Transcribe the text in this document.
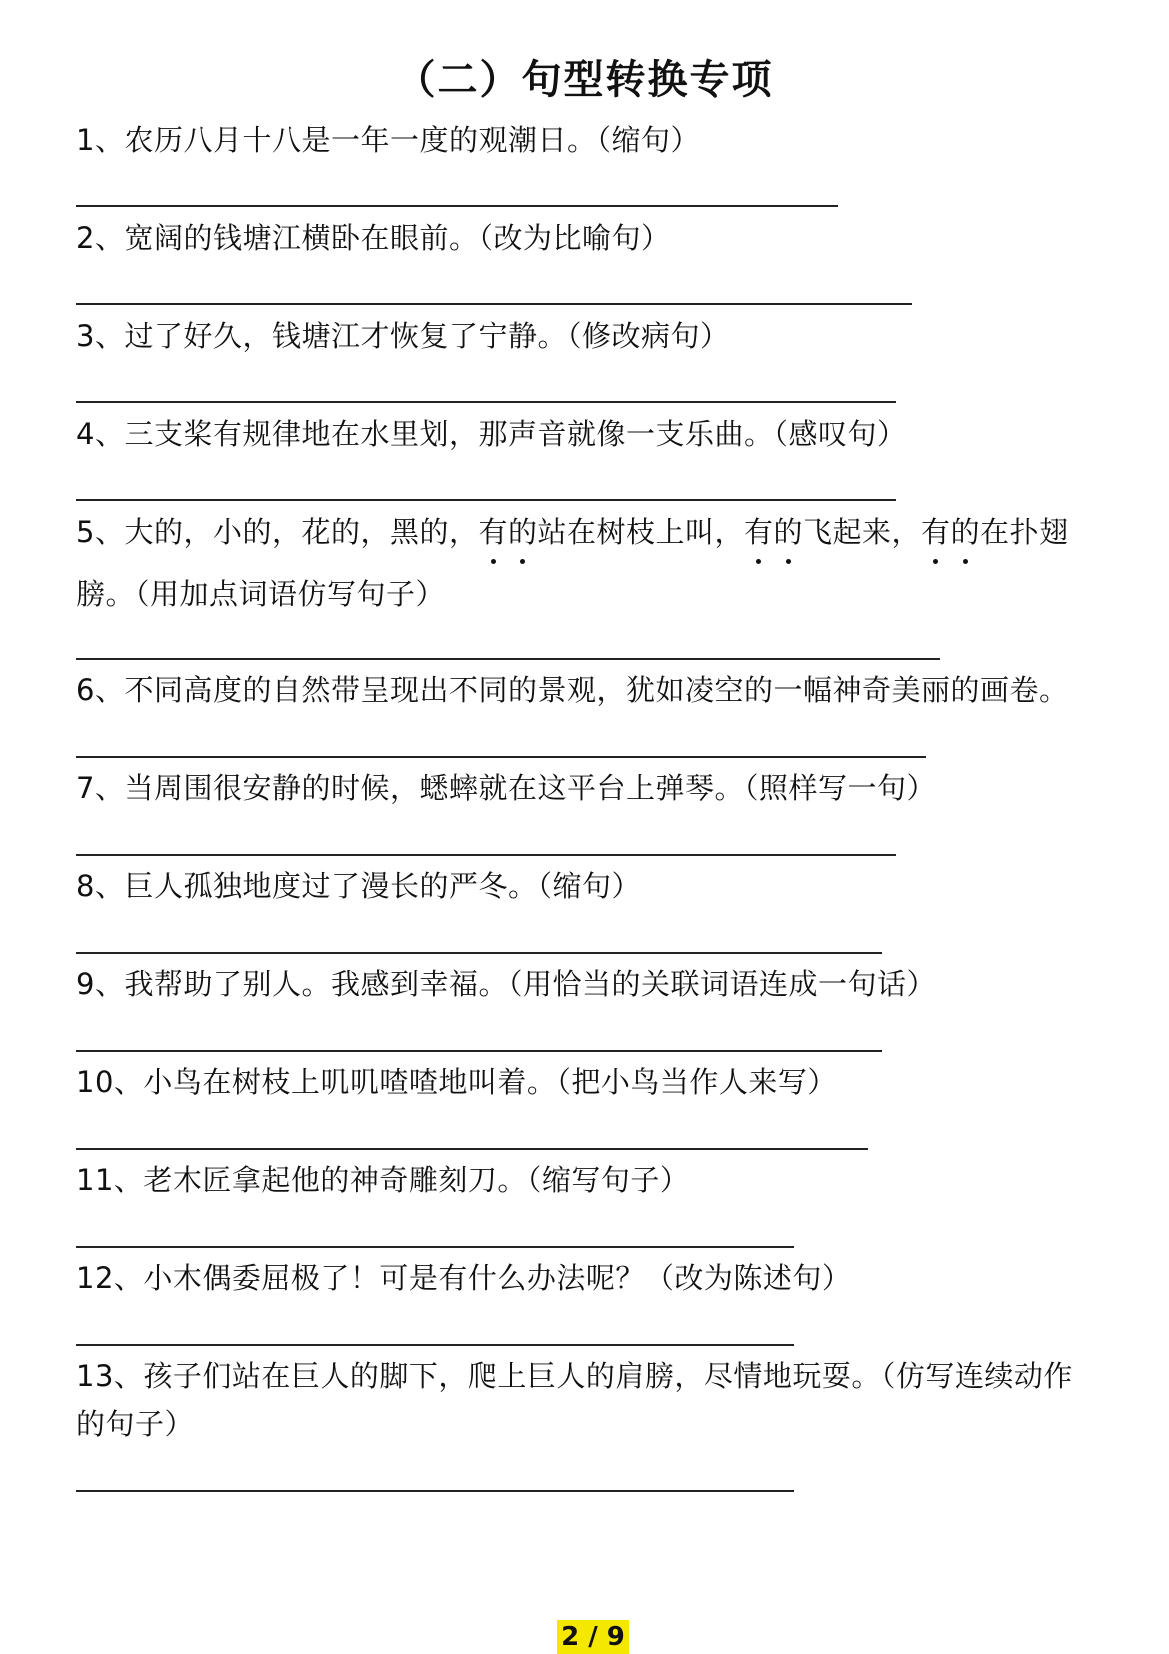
（二）句型转换专项
1、农历八月十八是一年一度的观潮日。（缩句）
2、宽阔的钱塘江横卧在眼前。（改为比喻句）
3、过了好久，钱塘江才恢复了宁静。（修改病句）
4、三支桨有规律地在水里划，那声音就像一支乐曲。（感叹句）
5、大的，小的，花的，黑的，有的站在树枝上叫，有的飞起来，有的在扑翅
膀。（用加点词语仿写句子）
6、不同高度的自然带呈现出不同的景观，犹如凌空的一幅神奇美丽的画卷。
7、当周围很安静的时候，蟋蟀就在这平台上弹琴。（照样写一句）
8、巨人孤独地度过了漫长的严冬。（缩句）
9、我帮助了别人。我感到幸福。（用恰当的关联词语连成一句话）
10、小鸟在树枝上叽叽喳喳地叫着。（把小鸟当作人来写）
11、老木匠拿起他的神奇雕刻刀。（缩写句子）
12、小木偶委屈极了！可是有什么办法呢？（改为陈述句）
13、孩子们站在巨人的脚下，爬上巨人的肩膀，尽情地玩耍。（仿写连续动作
的句子）
2 / 9
